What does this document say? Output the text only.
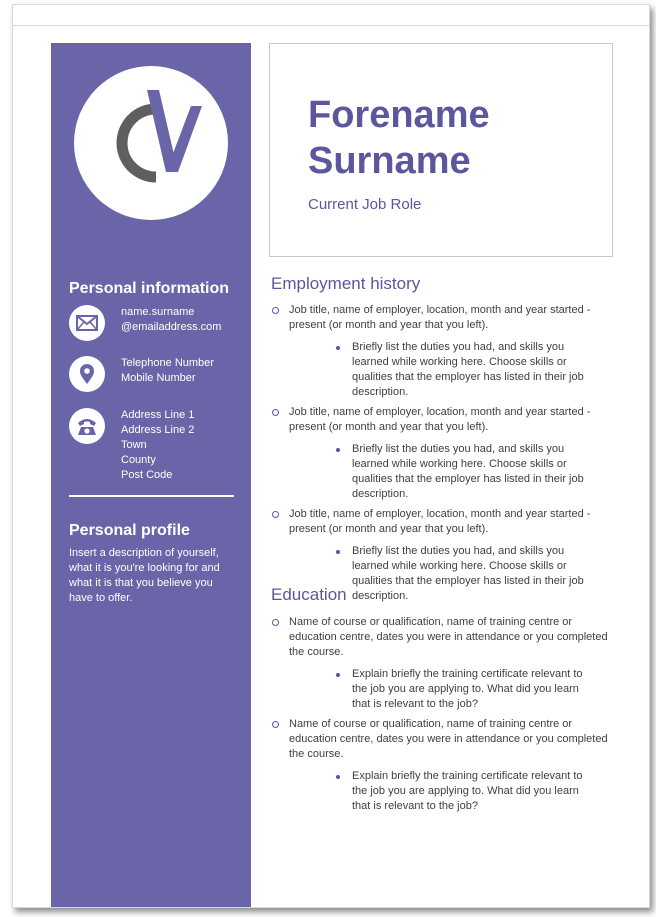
Personal information
name.surname
@emailaddress.com
Telephone Number
Mobile Number
Address Line 1
Address Line 2
Town
County
Post Code
Personal profile
Insert a description of yourself, what it is you're looking for and what it is that you believe you have to offer.
Forename
Surname
Current Job Role
Employment history
Job title, name of employer, location, month and year started - present (or month and year that you left).
Briefly list the duties you had, and skills you learned while working here. Choose skills or qualities that the employer has listed in their job description.
Job title, name of employer, location, month and year started - present (or month and year that you left).
Briefly list the duties you had, and skills you learned while working here. Choose skills or qualities that the employer has listed in their job description.
Job title, name of employer, location, month and year started - present (or month and year that you left).
Briefly list the duties you had, and skills you learned while working here. Choose skills or qualities that the employer has listed in their job description.
Education
Name of course or qualification, name of training centre or education centre, dates you were in attendance or you completed the course.
Explain briefly the training certificate relevant to the job you are applying to. What did you learn that is relevant to the job?
Name of course or qualification, name of training centre or education centre, dates you were in attendance or you completed the course.
Explain briefly the training certificate relevant to the job you are applying to. What did you learn that is relevant to the job?
